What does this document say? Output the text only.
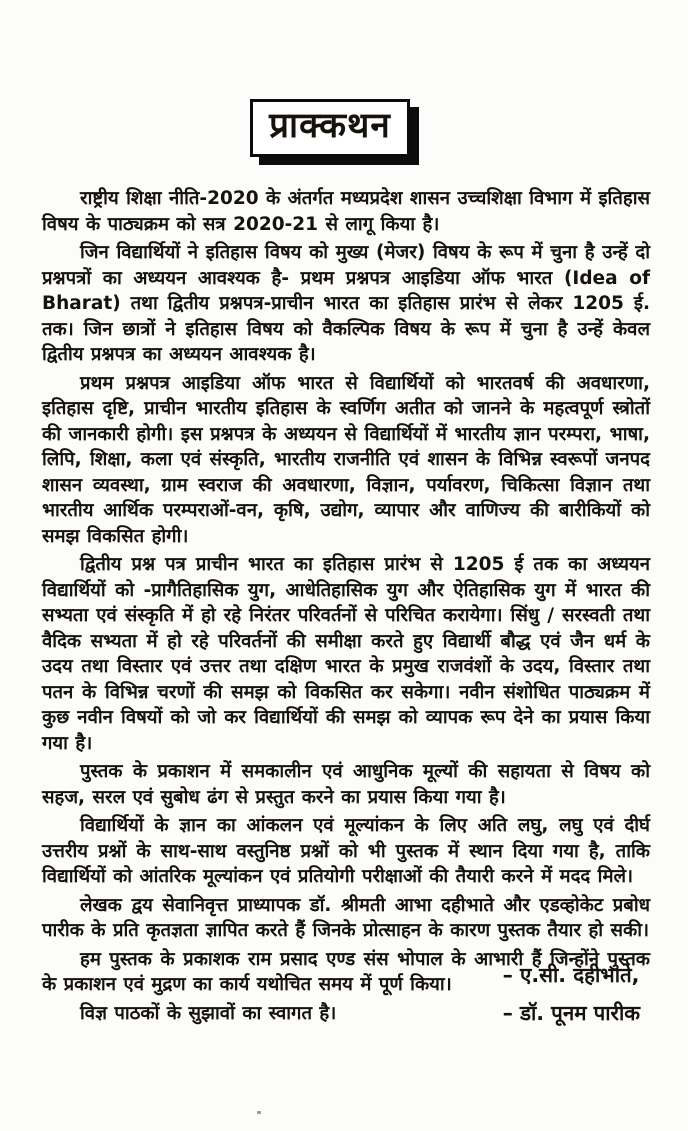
प्राक्कथन

राष्ट्रीय शिक्षा नीति-2020 के अंतर्गत मध्यप्रदेश शासन उच्चशिक्षा विभाग में इतिहास विषय के पाठ्यक्रम को सत्र 2020-21 से लागू किया है।

जिन विद्यार्थियों ने इतिहास विषय को मुख्य (मेजर) विषय के रूप में चुना है उन्हें दो प्रश्नपत्रों का अध्ययन आवश्यक है- प्रथम प्रश्नपत्र आइडिया ऑफ भारत (Idea of Bharat) तथा द्वितीय प्रश्नपत्र-प्राचीन भारत का इतिहास प्रारंभ से लेकर 1205 ई. तक। जिन छात्रों ने इतिहास विषय को वैकल्पिक विषय के रूप में चुना है उन्हें केवल द्वितीय प्रश्नपत्र का अध्ययन आवश्यक है।

प्रथम प्रश्नपत्र आइडिया ऑफ भारत से विद्यार्थियों को भारतवर्ष की अवधारणा, इतिहास दृष्टि, प्राचीन भारतीय इतिहास के स्वर्णिग अतीत को जानने के महत्वपूर्ण स्त्रोतों की जानकारी होगी। इस प्रश्नपत्र के अध्ययन से विद्यार्थियों में भारतीय ज्ञान परम्परा, भाषा, लिपि, शिक्षा, कला एवं संस्कृति, भारतीय राजनीति एवं शासन के विभिन्न स्वरूपों जनपद शासन व्यवस्था, ग्राम स्वराज की अवधारणा, विज्ञान, पर्यावरण, चिकित्सा विज्ञान तथा भारतीय आर्थिक परम्पराओं-वन, कृषि, उद्योग, व्यापार और वाणिज्य की बारीकियों को समझ विकसित होगी।

द्वितीय प्रश्न पत्र प्राचीन भारत का इतिहास प्रारंभ से 1205 ई तक का अध्ययन विद्यार्थियों को -प्रागैतिहासिक युग, आधेतिहासिक युग और ऐतिहासिक युग में भारत की सभ्यता एवं संस्कृति में हो रहे निरंतर परिवर्तनों से परिचित करायेगा। सिंधु / सरस्वती तथा वैदिक सभ्यता में हो रहे परिवर्तनों की समीक्षा करते हुए विद्यार्थी बौद्ध एवं जैन धर्म के उदय तथा विस्तार एवं उत्तर तथा दक्षिण भारत के प्रमुख राजवंशों के उदय, विस्तार तथा पतन के विभिन्न चरणों की समझ को विकसित कर सकेगा। नवीन संशोधित पाठ्यक्रम में कुछ नवीन विषयों को जो कर विद्यार्थियों की समझ को व्यापक रूप देने का प्रयास किया गया है।

पुस्तक के प्रकाशन में समकालीन एवं आधुनिक मूल्यों की सहायता से विषय को सहज, सरल एवं सुबोध ढंग से प्रस्तुत करने का प्रयास किया गया है।

विद्यार्थियों के ज्ञान का आंकलन एवं मूल्यांकन के लिए अति लघु, लघु एवं दीर्घ उत्तरीय प्रश्नों के साथ-साथ वस्तुनिष्ठ प्रश्नों को भी पुस्तक में स्थान दिया गया है, ताकि विद्यार्थियों को आंतरिक मूल्यांकन एवं प्रतियोगी परीक्षाओं की तैयारी करने में मदद मिले।

लेखक द्वय सेवानिवृत्त प्राध्यापक डॉ. श्रीमती आभा दहीभाते और एडव्होकेट प्रबोध पारीक के प्रति कृतज्ञता ज्ञापित करते हैं जिनके प्रोत्साहन के कारण पुस्तक तैयार हो सकी।

हम पुस्तक के प्रकाशक राम प्रसाद एण्ड संस भोपाल के आभारी हैं जिन्होंने पुस्तक के प्रकाशन एवं मुद्रण का कार्य यथोचित समय में पूर्ण किया।

विज्ञ पाठकों के सुझावों का स्वागत है।

– ए.सी. दहीभाते,
– डॉ. पूनम पारीक
